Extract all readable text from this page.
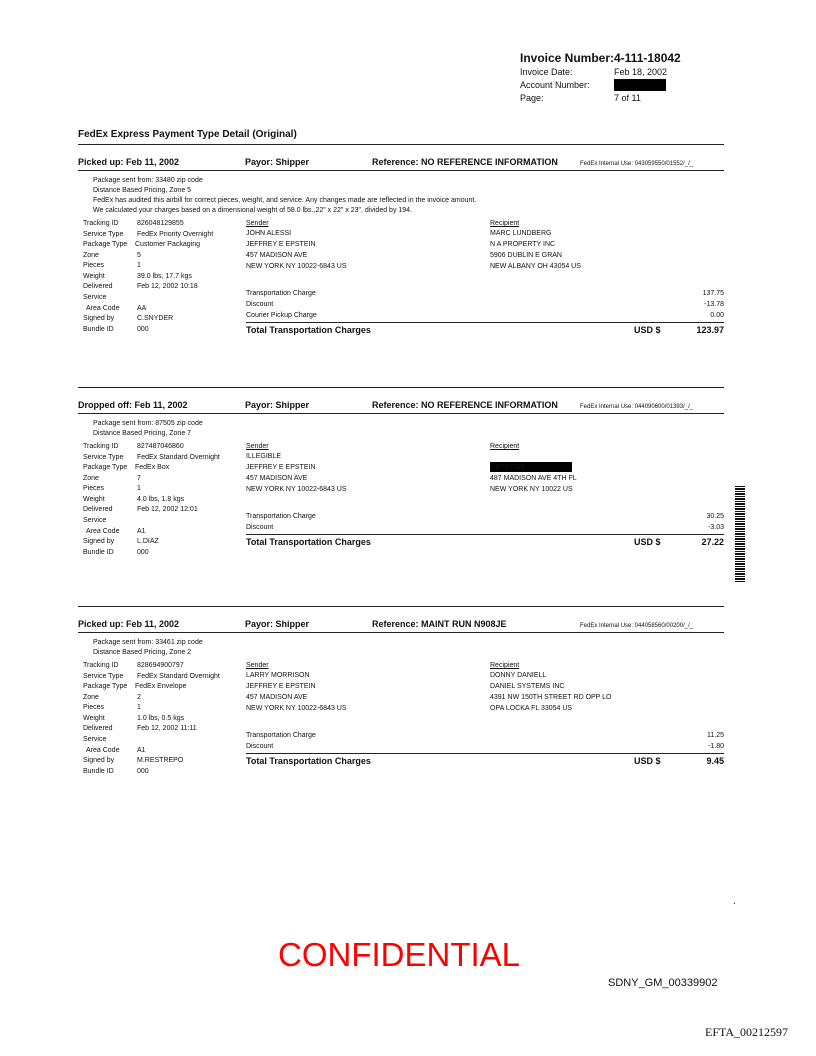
Invoice Number: 4-111-18042
Invoice Date:	Feb 18, 2002
Account Number:
Page:	7 of 11
FedEx Express Payment Type Detail (Original)
.
CONFIDENTIAL
SDNY_GM_00339902
EFTA_00212597
Picked up: Feb 11, 2002	Payor: Shipper	Reference: NO REFERENCE INFORMATION	FedEx Internal Use: 043059550/01552/_/_
Package sent from: 33480 zip code
Distance Based Pricing, Zone 5
FedEx has audited this airbill for correct pieces, weight, and service. Any changes made are reflected in the invoice amount.
We calculated your charges based on a dimensional weight of 58.0 lbs.,22" x 22" x 23", divided by 194.
Tracking ID	826048129855
Service Type FedEx Priority Overnight
Package Type Customer Packaging
Zone	5
Pieces	1
Weight	39.0 lbs, 17.7 kgs
Delivered	Feb 12, 2002 10:18
Service
Area Code	AA
Signed by	C.SNYDER
Bundle ID	000
Sender	Recipient
JOHN ALESSI	MARC LUNDBERG
JEFFREY E EPSTEIN	N A PROPERTY INC
457 MADISON AVE	5906 DUBLIN E GRAN
NEW YORK NY 10022-6843 US	NEW ALBANY OH 43054 US
Transportation Charge	137.75
Discount	-13.78
Courier Pickup Charge	0.00
Total Transportation Charges	USD $	123.97
Dropped off: Feb 11, 2002	Payor: Shipper	Reference: NO REFERENCE INFORMATION	FedEx Internal Use: 044090600/01393/_/_
Package sent from: 87505 zip code
Distance Based Pricing, Zone 7
Tracking ID	827487046860
Service Type FedEx Standard Overnight
Package Type FedEx Box
Zone	7
Pieces	1
Weight	4.0 lbs, 1.8 kgs
Delivered	Feb 12, 2002 12:01
Service
Area Code	A1
Signed by	L.DIAZ
Bundle ID	000
Sender	Recipient
ILLEGIBLE
JEFFREY E EPSTEIN	J EPSTON
457 MADISON AVE	487 MADISON AVE 4TH FL
NEW YORK NY 10022-6843 US	NEW YORK NY 10022 US
Transportation Charge	30.25
Discount	-3.03
Total Transportation Charges	USD $	27.22
Picked up: Feb 11, 2002	Payor: Shipper	Reference: MAINT RUN N908JE	FedEx Internal Use: 044058560/00200/_/_
Package sent from: 33461 zip code
Distance Based Pricing, Zone 2
Tracking ID	828694900797
Service Type FedEx Standard Overnight
Package Type FedEx Envelope
Zone	2
Pieces	1
Weight	1.0 lbs, 0.5 kgs
Delivered	Feb 12, 2002 11:11
Service
Area Code	A1
Signed by	M.RESTREPO
Bundle ID	000
Sender	Recipient
LARRY MORRISON	DONNY DANIELL
JEFFREY E EPSTEIN	DANIEL SYSTEMS INC
457 MADISON AVE	4391 NW 150TH STREET RD OPP LO
NEW YORK NY 10022-6843 US	OPA LOCKA FL 33054 US
Transportation Charge	11.25
Discount	-1.80
Total Transportation Charges	USD $	9.45
